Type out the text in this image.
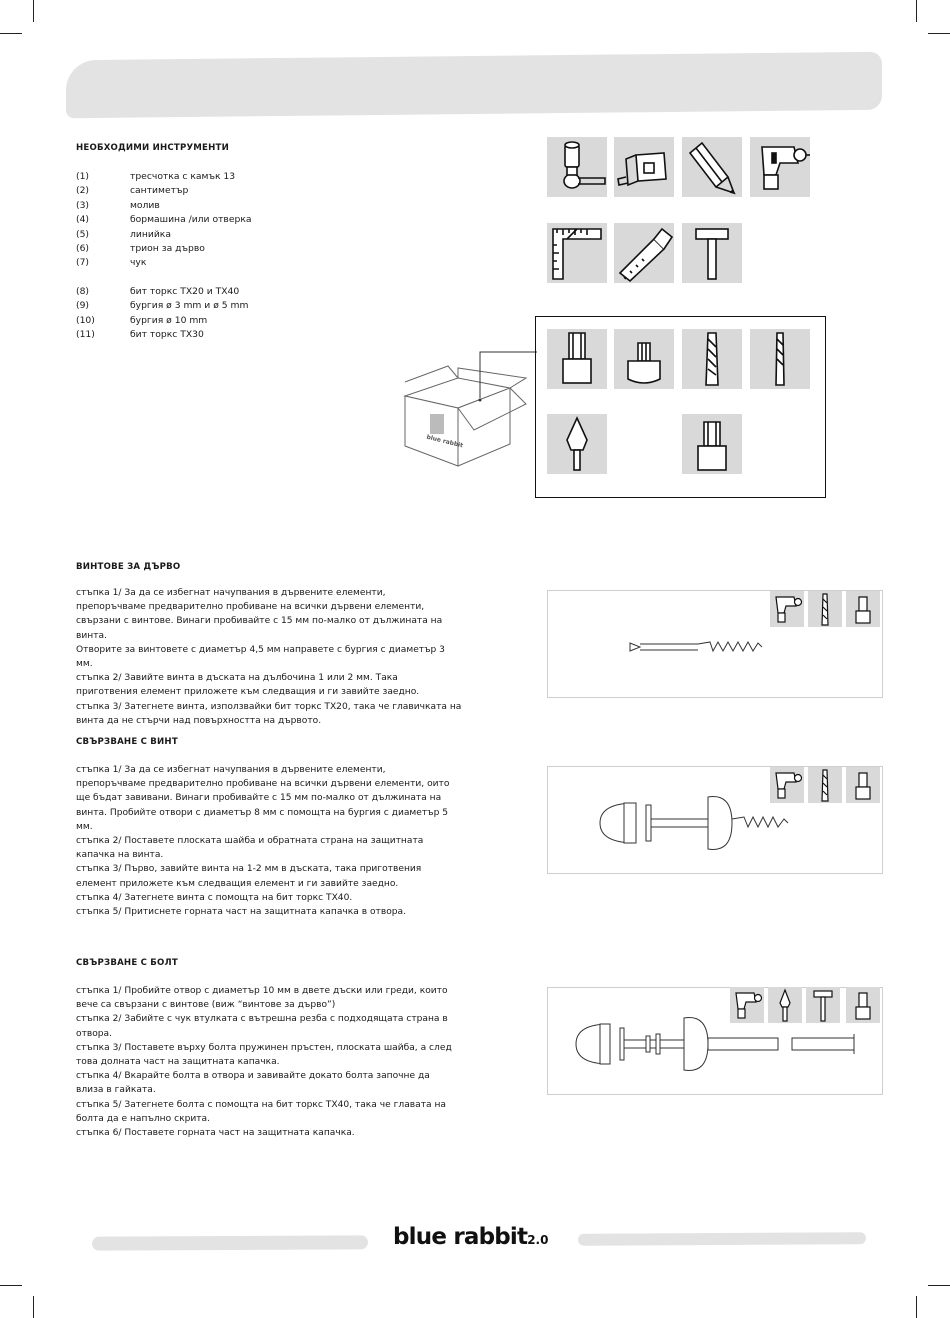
НЕОБХОДИМИ ИНСТРУМЕНТИ
(1)	тресчотка с камък 13
(2)	сантиметър
(3)	молив
(4)	бормашина /или отверка
(5)	линийка
(6)	трион за дърво
(7)	чук
(8)	бит торкс TX20 и TX40
(9)	бургия ø 3 mm и ø 5 mm
(10)	бургия ø 10 mm
(11)	бит торкс TX30
blue rabbit
ВИНТОВЕ ЗА ДЪРВО

стъпка 1/ За да се избегнат начупвания в дървените елементи,

препоръчваме предварително пробиване на всички дървени елементи,

свързани с винтове. Винаги пробивайте с 15 мм по-малко от дължината на

винта.

Отворите за винтовете с диаметър 4,5 мм направете с бургия с диаметър 3

мм.

стъпка 2/ Завийте винта в дъската на дълбочина 1 или 2 мм. Така

приготвения елемент приложете към следващия и ги завийте заедно.

стъпка 3/ Затегнете винта, използвайки бит торкс TX20, така че главичката на

винта да не стърчи над повърхността на дървото.

СВЪРЗВАНЕ С ВИНТ

стъпка 1/ За да се избегнат начупвания в дървените елементи,

препоръчваме предварително пробиване на всички дървени елементи, оито

ще бъдат завивани. Винаги пробивайте с 15 мм по-малко от дължината на

винта. Пробийте отвори с диаметър 8 мм с помощта на бургия с диаметър 5

мм.

стъпка 2/ Поставете плоската шайба и обратната страна на защитната

капачка на винта.

стъпка 3/ Първо, завийте винта на 1-2 мм в дъската, така приготвения

елемент приложете към следващия елемент и ги завийте заедно.

стъпка 4/ Затегнете винта с помощта на бит торкс TX40.

стъпка 5/ Притиснете горната част на защитната капачка в отвора.

СВЪРЗВАНЕ С БОЛТ

стъпка 1/ Пробийте отвор с диаметър 10 мм в двете дъски или греди, които

вече са свързани с винтове (виж “винтове за дърво”)

стъпка 2/ Забийте с чук втулката с вътрешна резба с подходящата страна в

отвора.

стъпка 3/ Поставете върху болта пружинен пръстен, плоската шайба, а след

това долната част на защитната капачка.

стъпка 4/ Вкарайте болта в отвора и завивайте докато болта започне да

влиза в гайката.

стъпка 5/ Затегнете болта с помощта на бит торкс TX40, така че главата на

болта да е напълно скрита.

стъпка 6/ Поставете горната част на защитната капачка.

blue rabbit2.0
